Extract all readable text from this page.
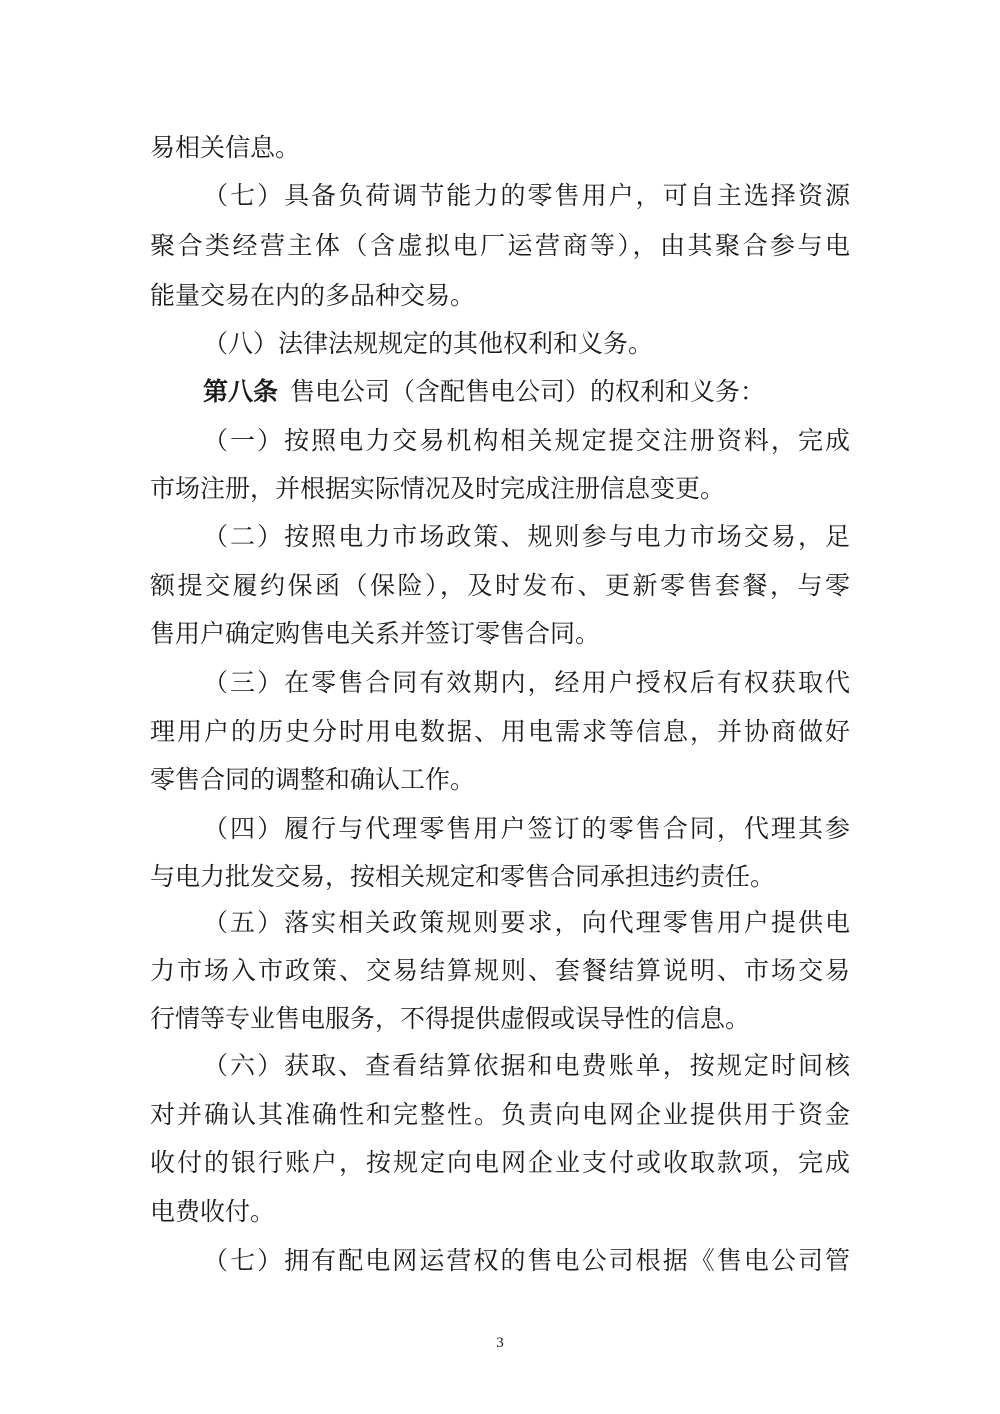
易相关信息。
（七）具备负荷调节能力的零售用户，可自主选择资源
聚合类经营主体（含虚拟电厂运营商等），由其聚合参与电
能量交易在内的多品种交易。
（八）法律法规规定的其他权利和义务。
第八条 售电公司（含配售电公司）的权利和义务：
（一）按照电力交易机构相关规定提交注册资料，完成
市场注册，并根据实际情况及时完成注册信息变更。
（二）按照电力市场政策、规则参与电力市场交易，足
额提交履约保函（保险），及时发布、更新零售套餐，与零
售用户确定购售电关系并签订零售合同。
（三）在零售合同有效期内，经用户授权后有权获取代
理用户的历史分时用电数据、用电需求等信息，并协商做好
零售合同的调整和确认工作。
（四）履行与代理零售用户签订的零售合同，代理其参
与电力批发交易，按相关规定和零售合同承担违约责任。
（五）落实相关政策规则要求，向代理零售用户提供电
力市场入市政策、交易结算规则、套餐结算说明、市场交易
行情等专业售电服务，不得提供虚假或误导性的信息。
（六）获取、查看结算依据和电费账单，按规定时间核
对并确认其准确性和完整性。负责向电网企业提供用于资金
收付的银行账户，按规定向电网企业支付或收取款项，完成
电费收付。
（七）拥有配电网运营权的售电公司根据《售电公司管
3
